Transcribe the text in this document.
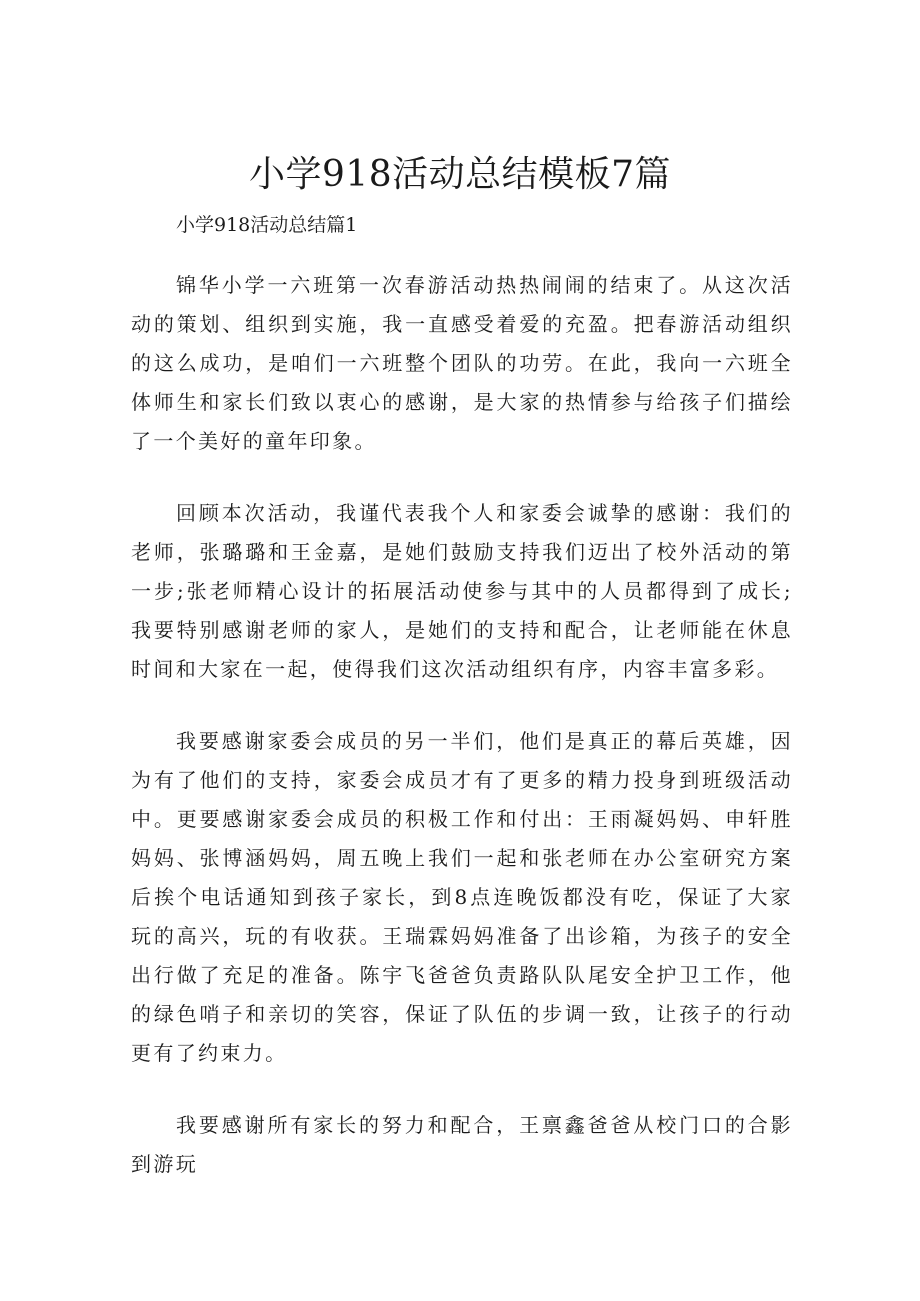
小学918活动总结模板7篇

小学918活动总结篇1

锦华小学一六班第一次春游活动热热闹闹的结束了。从这次活动的策划、组织到实施，我一直感受着爱的充盈。把春游活动组织的这么成功，是咱们一六班整个团队的功劳。在此，我向一六班全体师生和家长们致以衷心的感谢，是大家的热情参与给孩子们描绘了一个美好的童年印象。

回顾本次活动，我谨代表我个人和家委会诚挚的感谢：我们的老师，张璐璐和王金嘉，是她们鼓励支持我们迈出了校外活动的第一步;张老师精心设计的拓展活动使参与其中的人员都得到了成长;我要特别感谢老师的家人，是她们的支持和配合，让老师能在休息时间和大家在一起，使得我们这次活动组织有序，内容丰富多彩。

我要感谢家委会成员的另一半们，他们是真正的幕后英雄，因为有了他们的支持，家委会成员才有了更多的精力投身到班级活动中。更要感谢家委会成员的积极工作和付出：王雨凝妈妈、申轩胜妈妈、张博涵妈妈，周五晚上我们一起和张老师在办公室研究方案后挨个电话通知到孩子家长，到8点连晚饭都没有吃，保证了大家玩的高兴，玩的有收获。王瑞霖妈妈准备了出诊箱，为孩子的安全出行做了充足的准备。陈宇飞爸爸负责路队队尾安全护卫工作，他的绿色哨子和亲切的笑容，保证了队伍的步调一致，让孩子的行动更有了约束力。

我要感谢所有家长的努力和配合，王禀鑫爸爸从校门口的合影到游玩
